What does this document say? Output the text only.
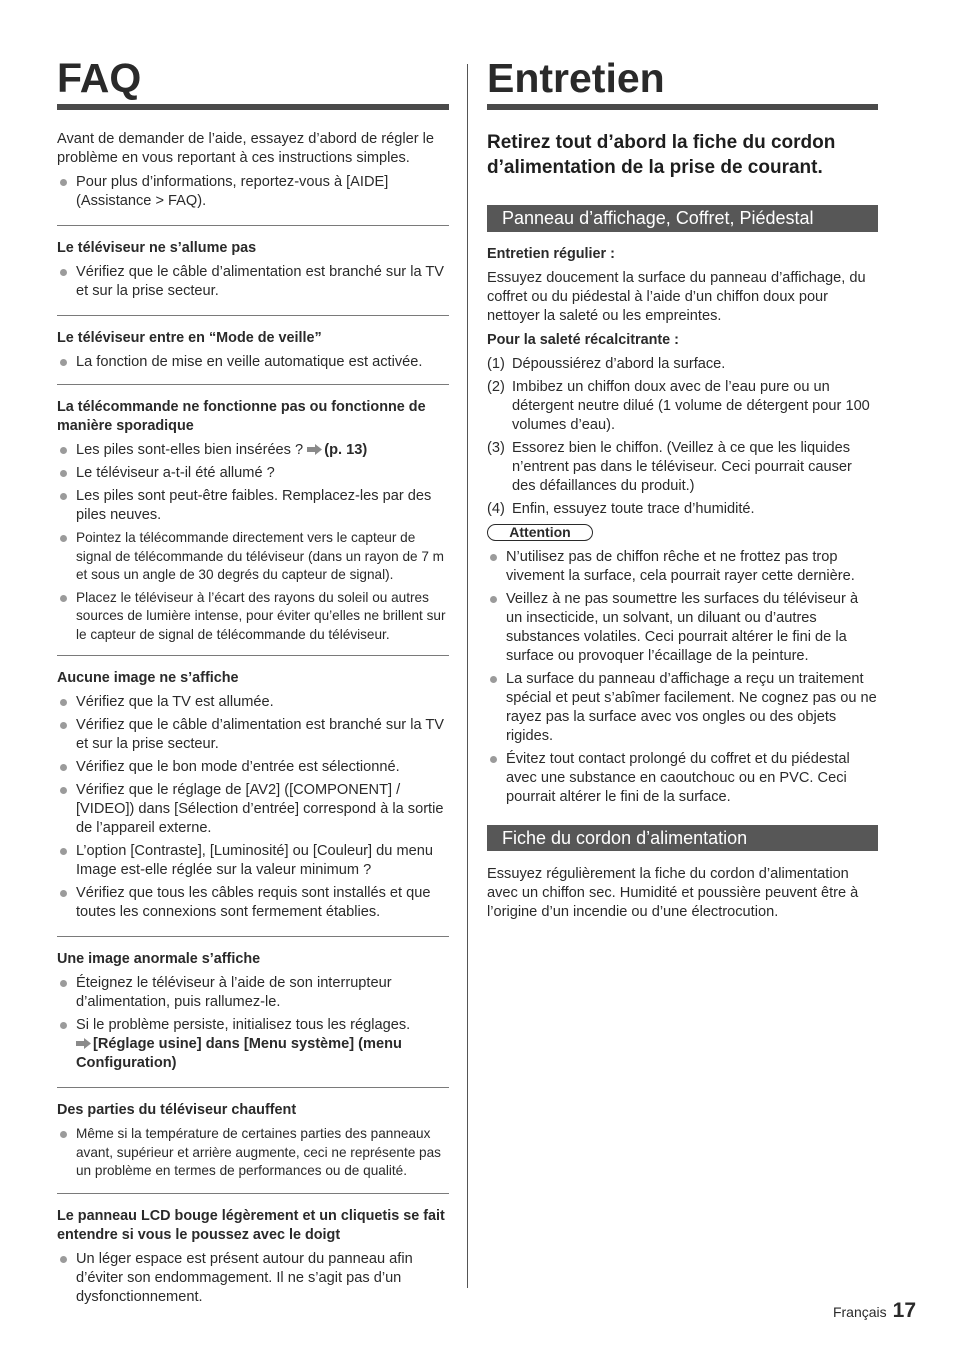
FAQ

Avant de demander de l’aide, essayez d’abord de régler le problème en vous reportant à ces instructions simples.

Pour plus d’informations, reportez-vous à [AIDE] (Assistance > FAQ).
Le téléviseur ne s’allume pas
Vérifiez que le câble d’alimentation est branché sur la TV et sur la prise secteur.
Le téléviseur entre en “Mode de veille”
La fonction de mise en veille automatique est activée.
La télécommande ne fonctionne pas ou fonctionne de manière sporadique
Les piles sont-elles bien insérées ? (p. 13)
Le téléviseur a-t-il été allumé ?
Les piles sont peut-être faibles. Remplacez-les par des piles neuves.
Pointez la télécommande directement vers le capteur de signal de télécommande du téléviseur (dans un rayon de 7 m et sous un angle de 30 degrés du capteur de signal).
Placez le téléviseur à l’écart des rayons du soleil ou autres sources de lumière intense, pour éviter qu’elles ne brillent sur le capteur de signal de télécommande du téléviseur.
Aucune image ne s’affiche
Vérifiez que la TV est allumée.
Vérifiez que le câble d’alimentation est branché sur la TV et sur la prise secteur.
Vérifiez que le bon mode d’entrée est sélectionné.
Vérifiez que le réglage de [AV2] ([COMPONENT] / [VIDEO]) dans [Sélection d’entrée] correspond à la sortie de l’appareil externe.
L’option [Contraste], [Luminosité] ou [Couleur] du menu Image est-elle réglée sur la valeur minimum ?
Vérifiez que tous les câbles requis sont installés et que toutes les connexions sont fermement établies.
Une image anormale s’affiche
Éteignez le téléviseur à l’aide de son interrupteur d’alimentation, puis rallumez-le.
Si le problème persiste, initialisez tous les réglages.
[Réglage usine] dans [Menu système] (menu Configuration)
Des parties du téléviseur chauffent
Même si la température de certaines parties des panneaux avant, supérieur et arrière augmente, ceci ne représente pas un problème en termes de performances ou de qualité.
Le panneau LCD bouge légèrement et un cliquetis se fait entendre si vous le poussez avec le doigt
Un léger espace est présent autour du panneau afin d’éviter son endommagement. Il ne s’agit pas d’un dysfonctionnement.
Entretien

Retirez tout d’abord la fiche du cordon d’alimentation de la prise de courant.

Panneau d’affichage, Coffret, Piédestal

Entretien régulier :

Essuyez doucement la surface du panneau d’affichage, du coffret ou du piédestal à l’aide d’un chiffon doux pour nettoyer la saleté ou les empreintes.

Pour la saleté récalcitrante :

(1) Dépoussiérez d’abord la surface.
(2) Imbibez un chiffon doux avec de l’eau pure ou un détergent neutre dilué (1 volume de détergent pour 100 volumes d’eau).
(3) Essorez bien le chiffon. (Veillez à ce que les liquides n’entrent pas dans le téléviseur. Ceci pourrait causer des défaillances du produit.)
(4) Enfin, essuyez toute trace d’humidité.
Attention
N’utilisez pas de chiffon rêche et ne frottez pas trop vivement la surface, cela pourrait rayer cette dernière.
Veillez à ne pas soumettre les surfaces du téléviseur à un insecticide, un solvant, un diluant ou d’autres substances volatiles. Ceci pourrait altérer le fini de la surface ou provoquer l’écaillage de la peinture.
La surface du panneau d’affichage a reçu un traitement spécial et peut s’abîmer facilement. Ne cognez pas ou ne rayez pas la surface avec vos ongles ou des objets rigides.
Évitez tout contact prolongé du coffret et du piédestal avec une substance en caoutchouc ou en PVC. Ceci pourrait altérer le fini de la surface.
Fiche du cordon d’alimentation

Essuyez régulièrement la fiche du cordon d’alimentation avec un chiffon sec. Humidité et poussière peuvent être à l’origine d’un incendie ou d’une électrocution.

Français 17
